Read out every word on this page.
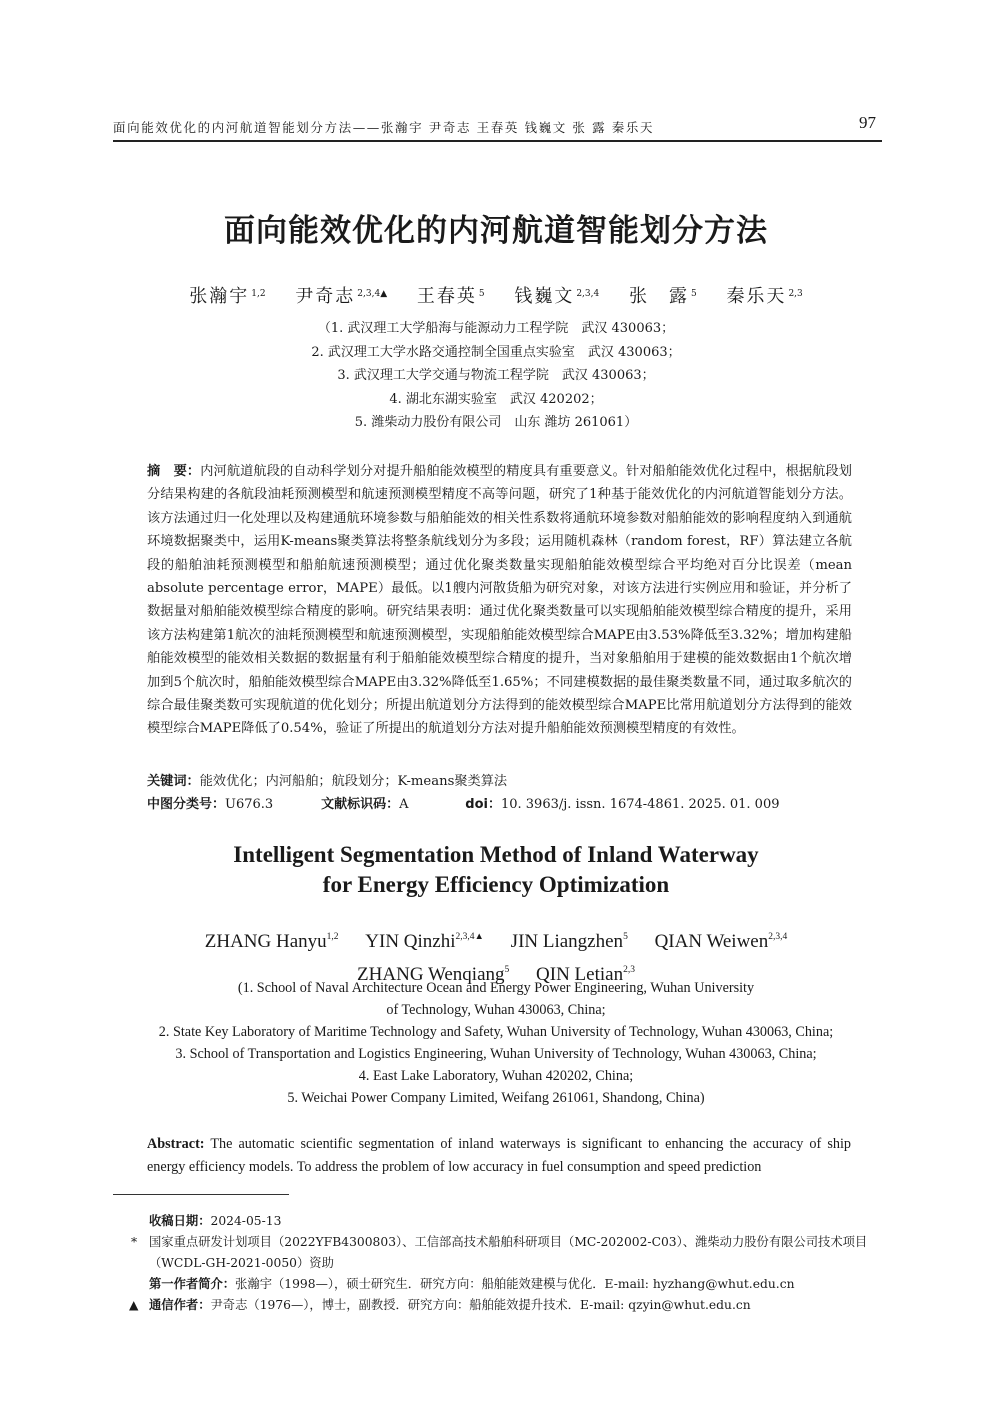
面向能效优化的内河航道智能划分方法——张瀚宇 尹奇志 王春英 钱巍文 张 露 秦乐天	97
面向能效优化的内河航道智能划分方法
张瀚宇 $^{1,2}$ 尹奇志 $^{2,3,4▲}$ 王春英 $^5$ 钱巍文 $^{2,3,4}$ 张　露 $^5$ 秦乐天 $^{2,3}$
（1. 武汉理工大学船海与能源动力工程学院　武汉 430063；
2. 武汉理工大学水路交通控制全国重点实验室　武汉 430063；
3. 武汉理工大学交通与物流工程学院　武汉 430063；
4. 湖北东湖实验室　武汉 420202；
5. 潍柴动力股份有限公司　山东 潍坊 261061）
摘　要：内河航道航段的自动科学划分对提升船舶能效模型的精度具有重要意义。针对船舶能效优化过程中，根据航段划分结果构建的各航段油耗预测模型和航速预测模型精度不高等问题，研究了1种基于能效优化的内河航道智能划分方法。该方法通过归一化处理以及构建通航环境参数与船舶能效的相关性系数将通航环境参数对船舶能效的影响程度纳入到通航环境数据聚类中，运用K-means聚类算法将整条航线划分为多段；运用随机森林（random forest，RF）算法建立各航段的船舶油耗预测模型和船舶航速预测模型；通过优化聚类数量实现船舶能效模型综合平均绝对百分比误差（mean absolute percentage error，MAPE）最低。以1艘内河散货船为研究对象，对该方法进行实例应用和验证，并分析了数据量对船舶能效模型综合精度的影响。研究结果表明：通过优化聚类数量可以实现船舶能效模型综合精度的提升，采用该方法构建第1航次的油耗预测模型和航速预测模型，实现船舶能效模型综合MAPE由3.53%降低至3.32%；增加构建船舶能效模型的能效相关数据的数据量有利于船舶能效模型综合精度的提升，当对象船舶用于建模的能效数据由1个航次增加到5个航次时，船舶能效模型综合MAPE由3.32%降低至1.65%；不同建模数据的最佳聚类数量不同，通过取多航次的综合最佳聚类数可实现航道的优化划分；所提出航道划分方法得到的能效模型综合MAPE比常用航道划分方法得到的能效模型综合MAPE降低了0.54%，验证了所提出的航道划分方法对提升船舶能效预测模型精度的有效性。
关键词：能效优化；内河船舶；航段划分；K-means聚类算法
中图分类号：U676.3	文献标识码：A	doi：10. 3963/j. issn. 1674-4861. 2025. 01. 009
Intelligent Segmentation Method of Inland Waterway
for Energy Efficiency Optimization
ZHANG Hanyu$^{1,2}$ YIN Qinzhi$^{2,3,4▲}$ JIN Liangzhen$^5$ QIAN Weiwen$^{2,3,4}$
ZHANG Wenqiang$^5$ QIN Letian$^{2,3}$
(1. School of Naval Architecture Ocean and Energy Power Engineering, Wuhan University
of Technology, Wuhan 430063, China;
2. State Key Laboratory of Maritime Technology and Safety, Wuhan University of Technology, Wuhan 430063, China;
3. School of Transportation and Logistics Engineering, Wuhan University of Technology, Wuhan 430063, China;
4. East Lake Laboratory, Wuhan 420202, China;
5. Weichai Power Company Limited, Weifang 261061, Shandong, China)
Abstract: The automatic scientific segmentation of inland waterways is significant to enhancing the accuracy of ship energy efficiency models. To address the problem of low accuracy in fuel consumption and speed prediction
收稿日期：2024-05-13
* 国家重点研发计划项目（2022YFB4300803）、工信部高技术船舶科研项目（MC-202002-C03）、潍柴动力股份有限公司技术项目（WCDL-GH-2021-0050）资助
第一作者简介：张瀚宇（1998—），硕士研究生．研究方向：船舶能效建模与优化．E-mail: hyzhang@whut.edu.cn
▲ 通信作者：尹奇志（1976—），博士，副教授．研究方向：船舶能效提升技术．E-mail: qzyin@whut.edu.cn
